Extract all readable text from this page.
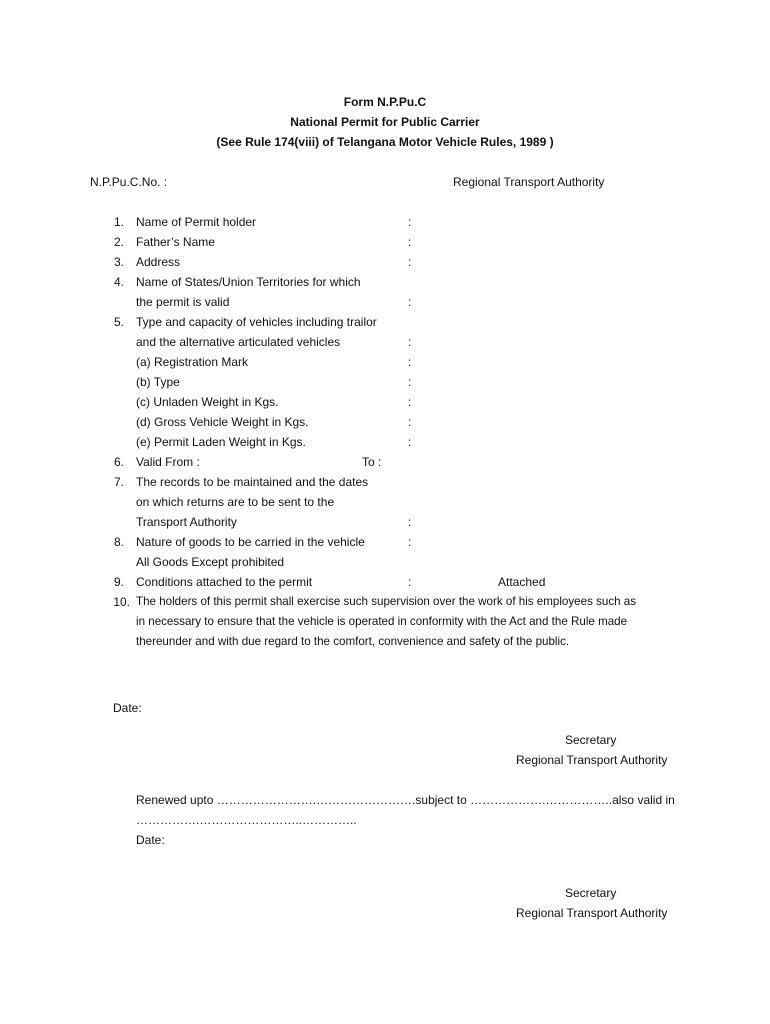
Form N.P.Pu.C
National Permit for Public Carrier
(See Rule 174(viii) of Telangana Motor Vehicle Rules, 1989 )
N.P.Pu.C.No. :	Regional Transport Authority
1. Name of Permit holder	:
2. Father’s Name	:
3. Address	:
4. Name of States/Union Territories for which
the permit is valid	:
5. Type and capacity of vehicles including trailor
and the alternative articulated vehicles	:
(a) Registration Mark	:
(b) Type	:
(c) Unladen Weight in Kgs.	:
(d) Gross Vehicle Weight in Kgs.	:
(e) Permit Laden Weight in Kgs.	:
6. Valid From :	To :
7. The records to be maintained and the dates
on which returns are to be sent to the
Transport Authority	:
8. Nature of goods to be carried in the vehicle	:
All Goods Except prohibited
9. Conditions attached to the permit	:	Attached
10. The holders of this permit shall exercise such supervision over the work of his employees such as
in necessary to ensure that the vehicle is operated in conformity with the Act and the Rule made
thereunder and with due regard to the comfort, convenience and safety of the public.
Date:
Secretary
Regional Transport Authority
Renewed upto …………………….…………………….subject to ……………….……………..also valid in
…………….……………………..…………..
Date:
Secretary
Regional Transport Authority
